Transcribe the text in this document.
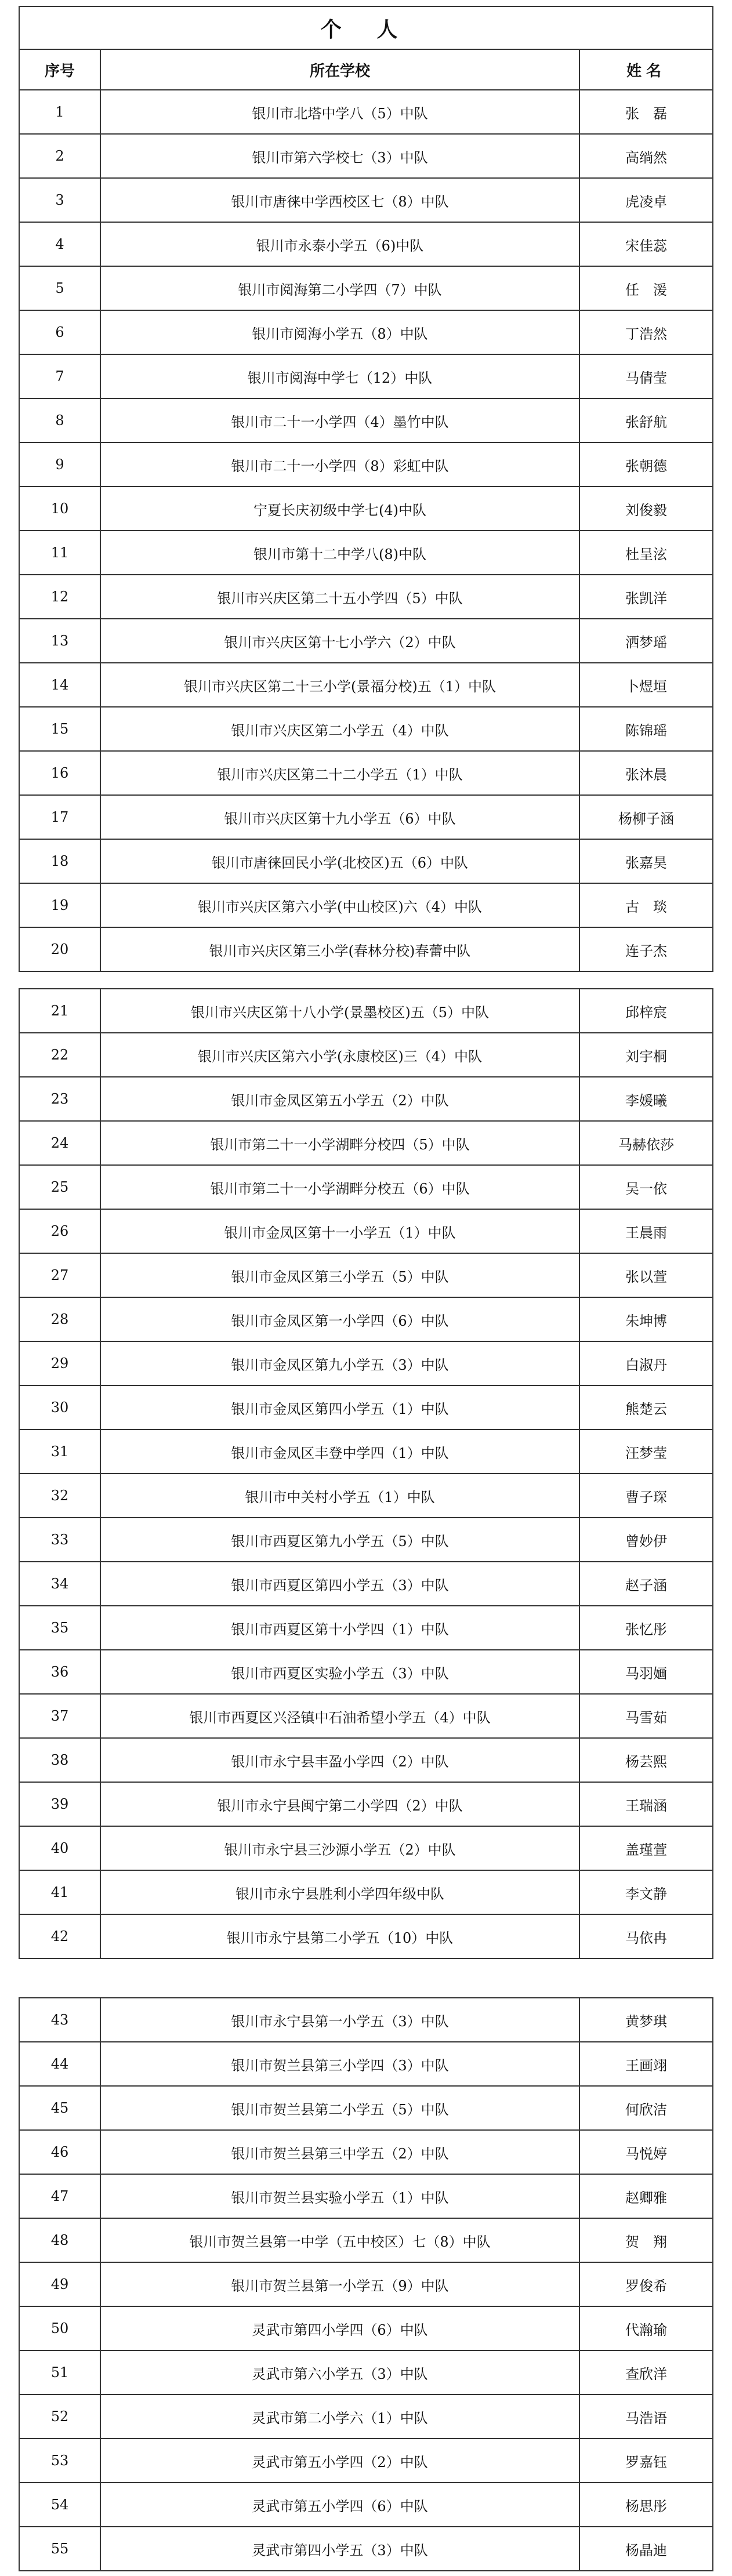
个 人
序号	所在学校	姓名
1	银川市北塔中学八（5）中队	张　磊
2	银川市第六学校七（3）中队	高绱然
3	银川市唐徕中学西校区七（8）中队	虎凌卓
4	银川市永泰小学五（6)中队	宋佳蕊
5	银川市阅海第二小学四（7）中队	任　湲
6	银川市阅海小学五（8）中队	丁浩然
7	银川市阅海中学七（12）中队	马倩莹
8	银川市二十一小学四（4）墨竹中队	张舒航
9	银川市二十一小学四（8）彩虹中队	张朝德
10	宁夏长庆初级中学七(4)中队	刘俊毅
11	银川市第十二中学八(8)中队	杜呈泫
12	银川市兴庆区第二十五小学四（5）中队	张凯洋
13	银川市兴庆区第十七小学六（2）中队	洒梦瑶
14	银川市兴庆区第二十三小学(景福分校)五（1）中队	卜煜垣
15	银川市兴庆区第二小学五（4）中队	陈锦瑶
16	银川市兴庆区第二十二小学五（1）中队	张沐晨
17	银川市兴庆区第十九小学五（6）中队	杨柳子涵
18	银川市唐徕回民小学(北校区)五（6）中队	张嘉昊
19	银川市兴庆区第六小学(中山校区)六（4）中队	古　琰
20	银川市兴庆区第三小学(春林分校)春蕾中队	连子杰
21	银川市兴庆区第十八小学(景墨校区)五（5）中队	邱梓宸
22	银川市兴庆区第六小学(永康校区)三（4）中队	刘宇桐
23	银川市金凤区第五小学五（2）中队	李媛曦
24	银川市第二十一小学湖畔分校四（5）中队	马赫依莎
25	银川市第二十一小学湖畔分校五（6）中队	吴一依
26	银川市金凤区第十一小学五（1）中队	王晨雨
27	银川市金凤区第三小学五（5）中队	张以萱
28	银川市金凤区第一小学四（6）中队	朱坤博
29	银川市金凤区第九小学五（3）中队	白淑丹
30	银川市金凤区第四小学五（1）中队	熊楚云
31	银川市金凤区丰登中学四（1）中队	汪梦莹
32	银川市中关村小学五（1）中队	曹子琛
33	银川市西夏区第九小学五（5）中队	曾妙伊
34	银川市西夏区第四小学五（3）中队	赵子涵
35	银川市西夏区第十小学四（1）中队	张忆彤
36	银川市西夏区实验小学五（3）中队	马羽婳
37	银川市西夏区兴泾镇中石油希望小学五（4）中队	马雪茹
38	银川市永宁县丰盈小学四（2）中队	杨芸熙
39	银川市永宁县闽宁第二小学四（2）中队	王瑞涵
40	银川市永宁县三沙源小学五（2）中队	盖瑾萱
41	银川市永宁县胜利小学四年级中队	李文静
42	银川市永宁县第二小学五（10）中队	马依冉
43	银川市永宁县第一小学五（3）中队	黄梦琪
44	银川市贺兰县第三小学四（3）中队	王画翊
45	银川市贺兰县第二小学五（5）中队	何欣洁
46	银川市贺兰县第三中学五（2）中队	马悦婷
47	银川市贺兰县实验小学五（1）中队	赵卿雅
48	银川市贺兰县第一中学（五中校区）七（8）中队	贺　翔
49	银川市贺兰县第一小学五（9）中队	罗俊希
50	灵武市第四小学四（6）中队	代瀚瑜
51	灵武市第六小学五（3）中队	查欣洋
52	灵武市第二小学六（1）中队	马浩语
53	灵武市第五小学四（2）中队	罗嘉钰
54	灵武市第五小学四（6）中队	杨思彤
55	灵武市第四小学五（3）中队	杨晶迪
